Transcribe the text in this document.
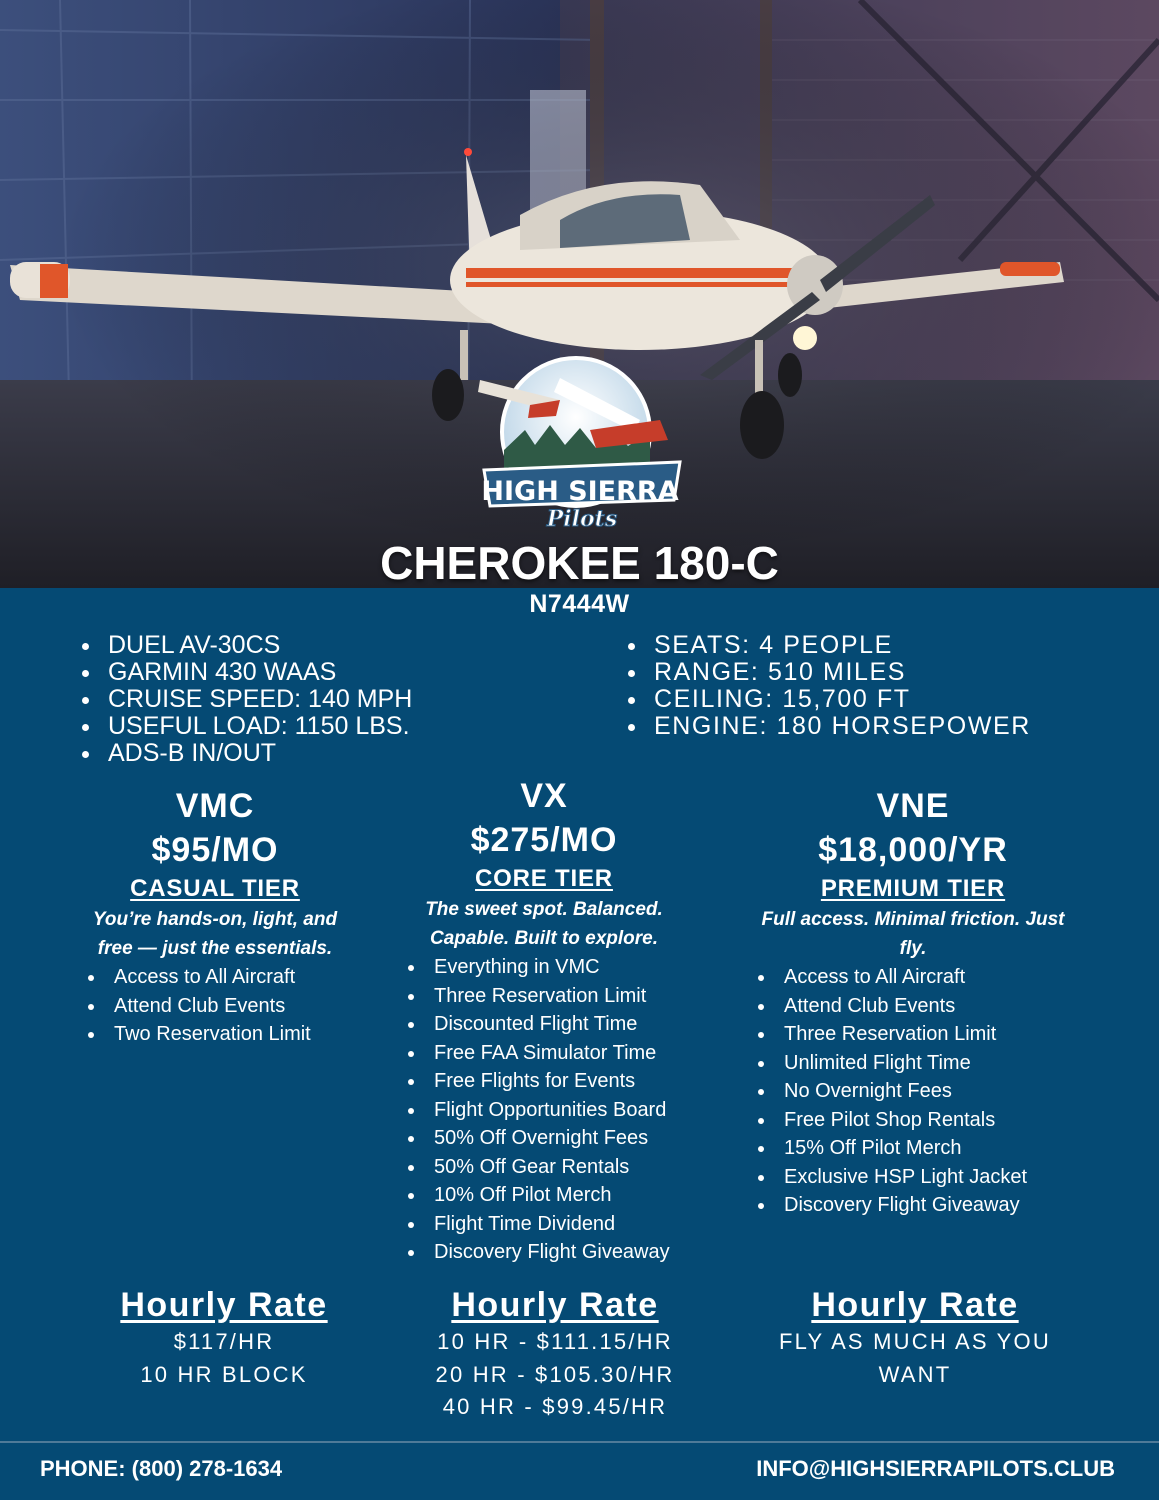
HIGH SIERRA
Pilots
CHEROKEE 180-C
N7444W
DUEL AV-30CS
GARMIN 430 WAAS
CRUISE SPEED: 140 MPH
USEFUL LOAD: 1150 LBS.
ADS-B IN/OUT
SEATS: 4 PEOPLE
RANGE: 510 MILES
CEILING: 15,700 FT
ENGINE: 180 HORSEPOWER
VMC
$95/MO
CASUAL TIER
You’re hands-on, light, and
free — just the essentials.
Access to All Aircraft
Attend Club Events
Two Reservation Limit
VX
$275/MO
CORE TIER
The sweet spot. Balanced.
Capable. Built to explore.
Everything in VMC
Three Reservation Limit
Discounted Flight Time
Free FAA Simulator Time
Free Flights for Events
Flight Opportunities Board
50% Off Overnight Fees
50% Off Gear Rentals
10% Off Pilot Merch
Flight Time Dividend
Discovery Flight Giveaway
VNE
$18,000/YR
PREMIUM TIER
Full access. Minimal friction. Just fly.
Access to All Aircraft
Attend Club Events
Three Reservation Limit
Unlimited Flight Time
No Overnight Fees
Free Pilot Shop Rentals
15% Off Pilot Merch
Exclusive HSP Light Jacket
Discovery Flight Giveaway
Hourly Rate
$117/HR
10 HR BLOCK
Hourly Rate
10 HR - $111.15/HR
20 HR - $105.30/HR
40 HR - $99.45/HR
Hourly Rate
FLY AS MUCH AS YOU
WANT
PHONE: (800) 278-1634	INFO@HIGHSIERRAPILOTS.CLUB
